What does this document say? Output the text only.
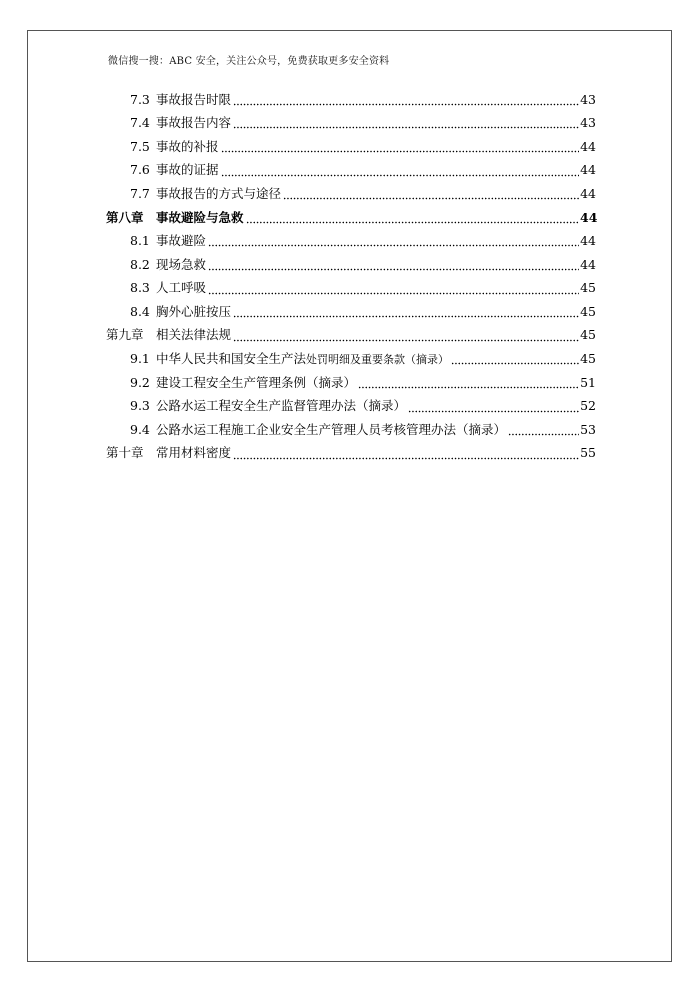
微信搜一搜：ABC 安全，关注公众号，免费获取更多安全资料
7.3 事故报告时限	43
7.4 事故报告内容	43
7.5 事故的补报	44
7.6 事故的证据	44
7.7 事故报告的方式与途径	44
第八章 事故避险与急救	44
8.1 事故避险	44
8.2 现场急救	44
8.3 人工呼吸	45
8.4 胸外心脏按压	45
第九章 相关法律法规	45
9.1 中华人民共和国安全生产法 处罚明细及重要条款（摘录）	45
9.2 建设工程安全生产管理条例（摘录）	51
9.3 公路水运工程安全生产监督管理办法（摘录）	52
9.4 公路水运工程施工企业安全生产管理人员考核管理办法（摘录）	53
第十章 常用材料密度	55
